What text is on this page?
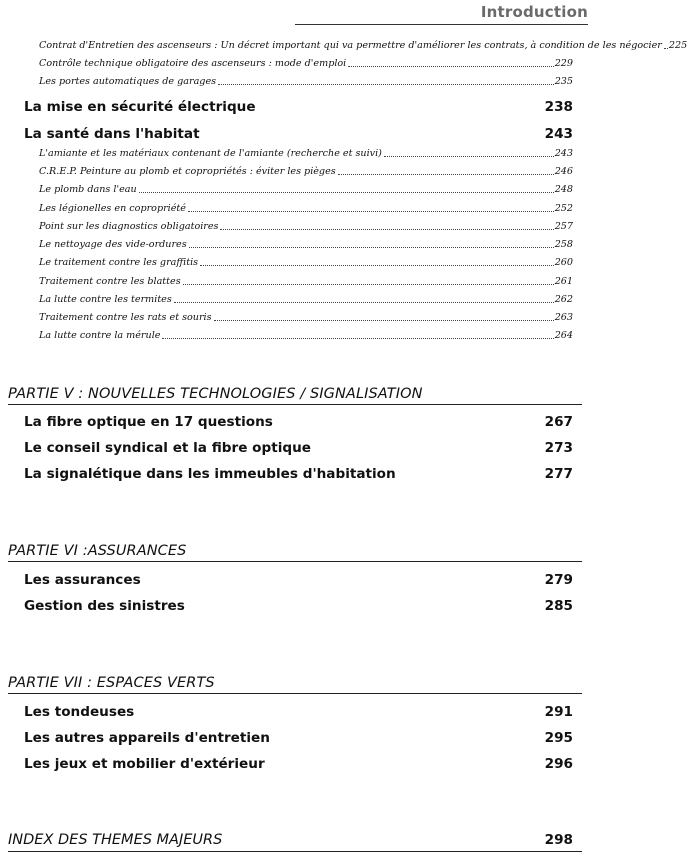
Introduction
Contrat d'Entretien des ascenseurs : Un décret important qui va permettre d'améliorer les contrats, à condition de les négocier 225
Contrôle technique obligatoire des ascenseurs : mode d'emploi	229
Les portes automatiques de garages	235
La mise en sécurité électrique	238
La santé dans l'habitat	243
L'amiante et les matériaux contenant de l'amiante (recherche et suivi)	243
C.R.E.P. Peinture au plomb et copropriétés : éviter les pièges	246
Le plomb dans l'eau	248
Les légionelles en copropriété	252
Point sur les diagnostics obligatoires	257
Le nettoyage des vide-ordures	258
Le traitement contre les graffitis	260
Traitement contre les blattes	261
La lutte contre les termites	262
Traitement contre les rats et souris	263
La lutte contre la mérule	264
PARTIE V : NOUVELLES TECHNOLOGIES / SIGNALISATION
La fibre optique en 17 questions	267
Le conseil syndical et la fibre optique	273
La signalétique dans les immeubles d'habitation	277
PARTIE VI :ASSURANCES
Les assurances	279
Gestion des sinistres	285
PARTIE VII : ESPACES VERTS
Les tondeuses	291
Les autres appareils d'entretien	295
Les jeux et mobilier d'extérieur	296
INDEX DES THEMES MAJEURS	298
